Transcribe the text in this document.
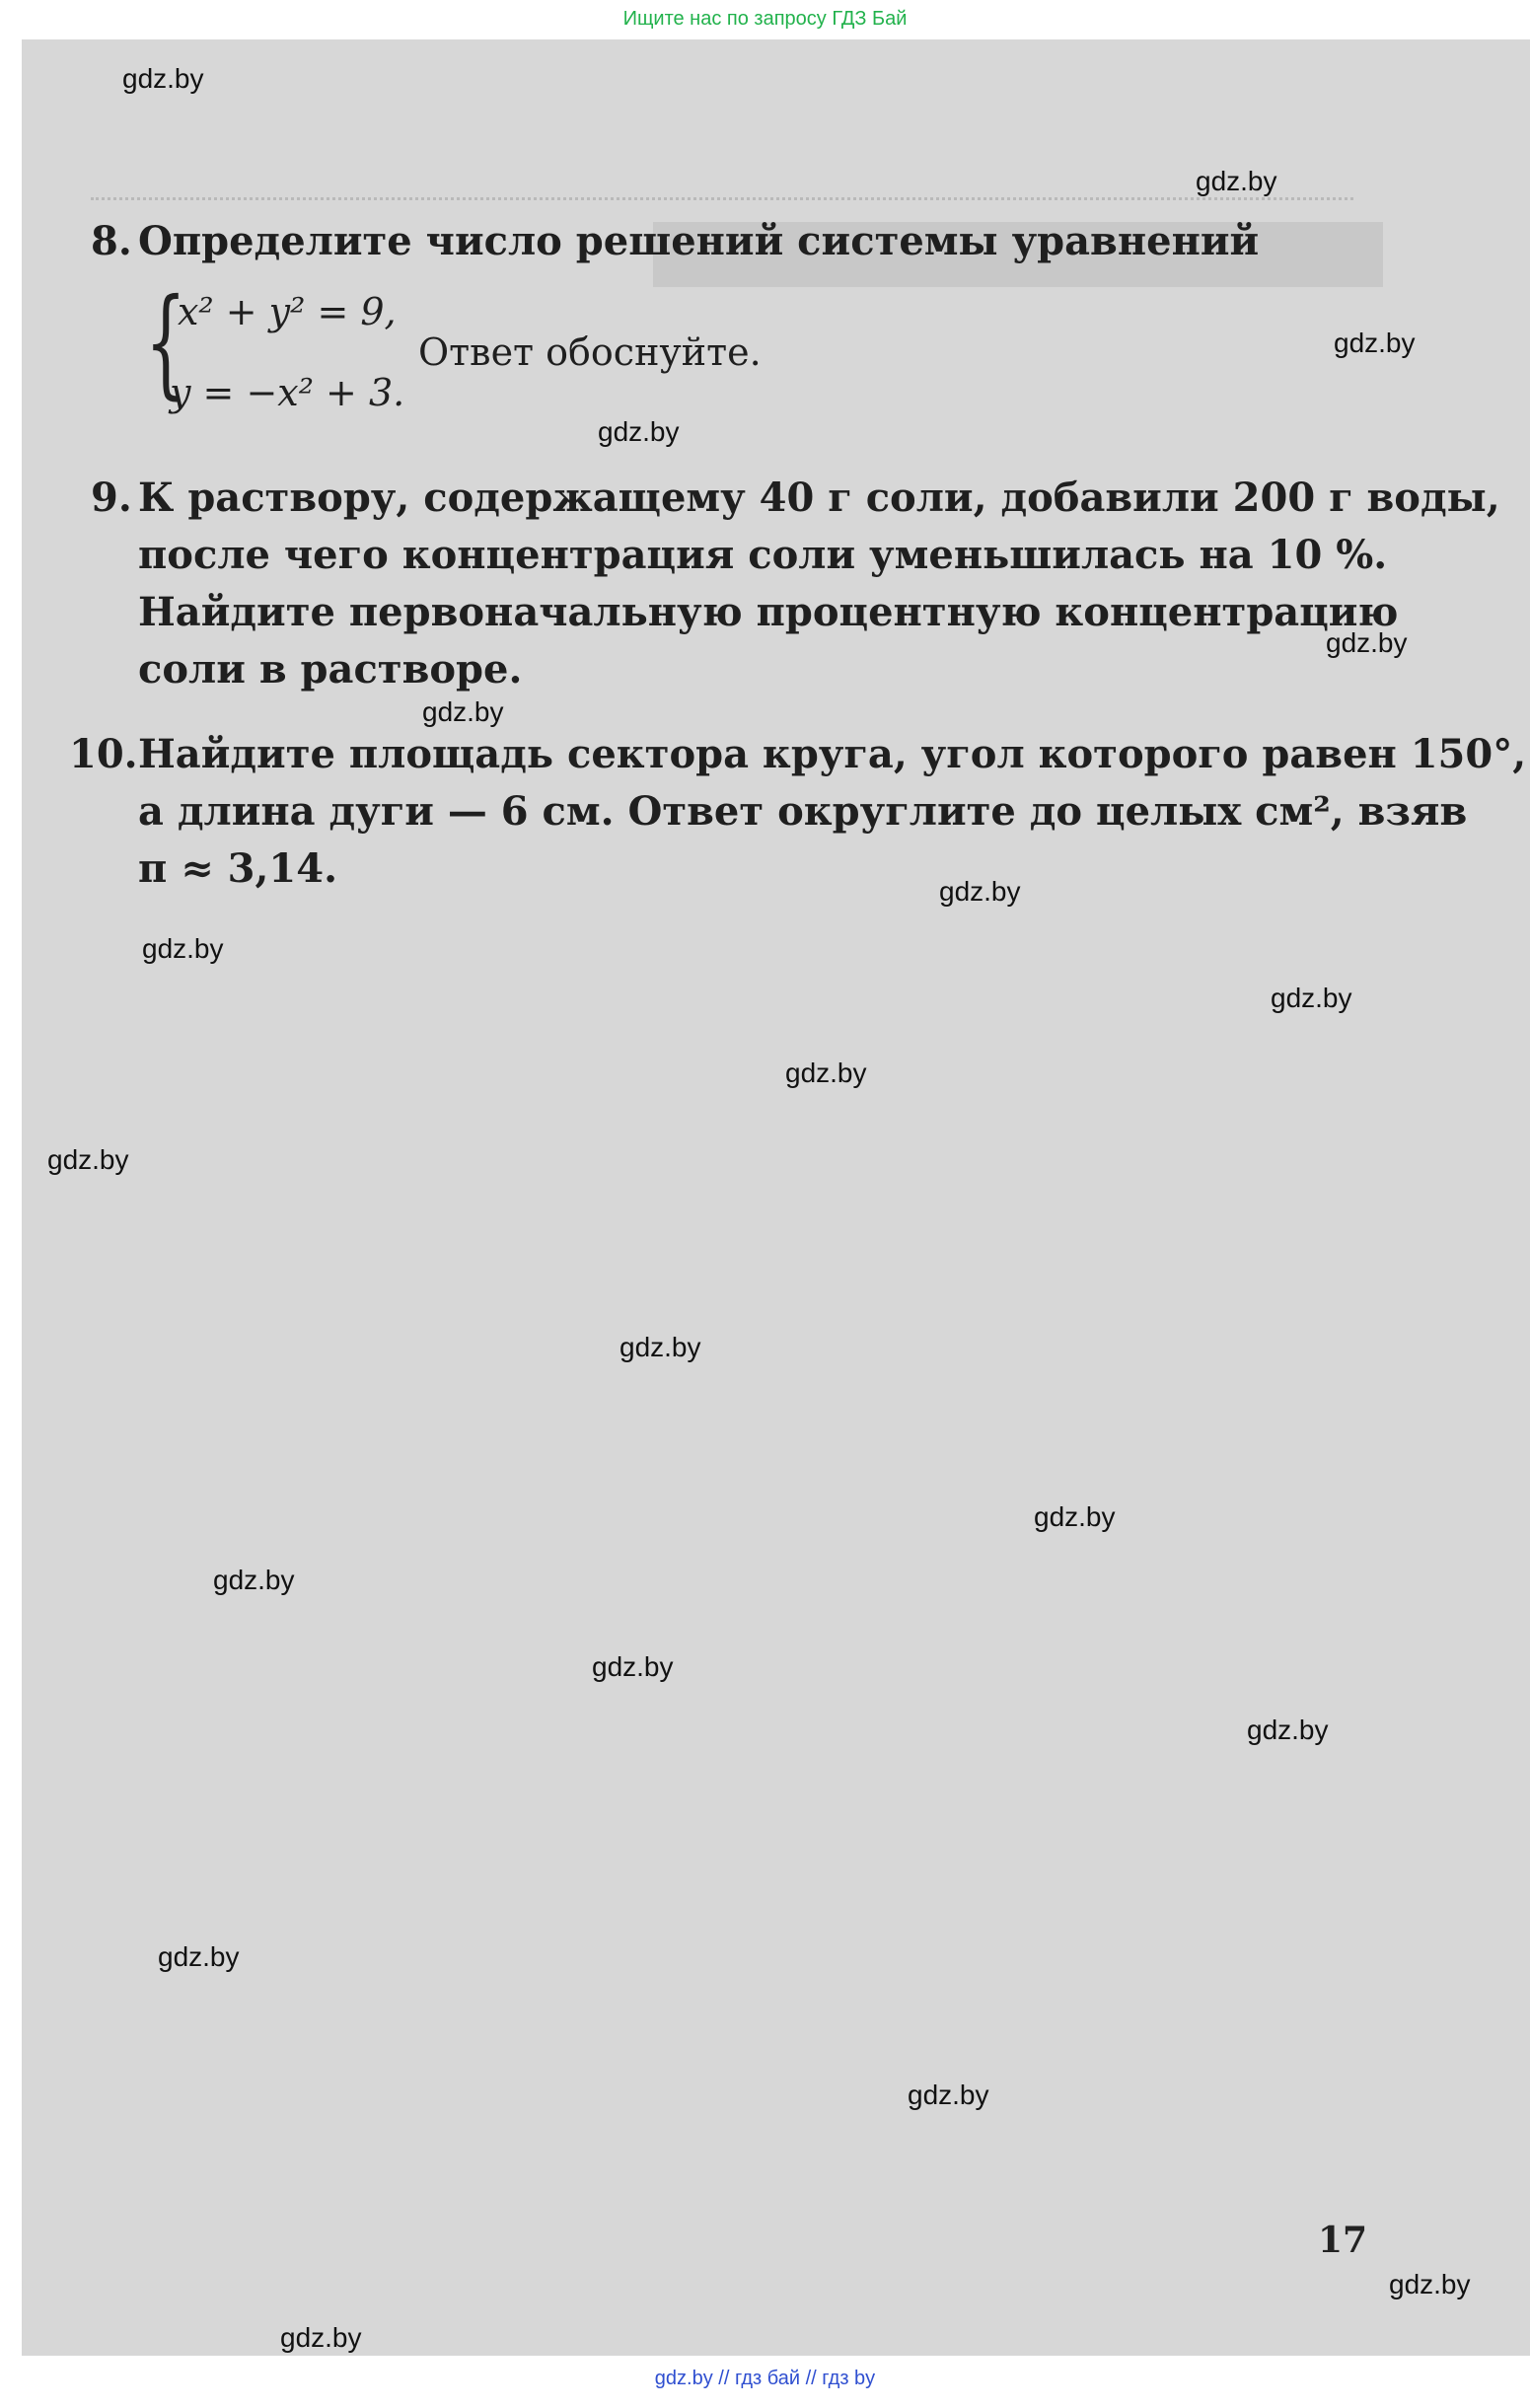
Ищите нас по запросу ГДЗ Бай
8. Определите число решений системы уравнений
{
x² + y² = 9,
y = −x² + 3.
Ответ обоснуйте.
9. К раствору, содержащему 40 г соли, добавили 200 г воды,
после чего концентрация соли уменьшилась на 10 %.
Найдите первоначальную процентную концентрацию
соли в растворе.
10. Найдите площадь сектора круга, угол которого равен 150°,
а длина дуги — 6 см. Ответ округлите до целых см², взяв
π ≈ 3,14.
17
gdz.by
gdz.by
gdz.by
gdz.by
gdz.by
gdz.by
gdz.by
gdz.by
gdz.by
gdz.by
gdz.by
gdz.by
gdz.by
gdz.by
gdz.by
gdz.by
gdz.by
gdz.by
gdz.by
gdz.by
gdz.by // гдз бай // гдз by
